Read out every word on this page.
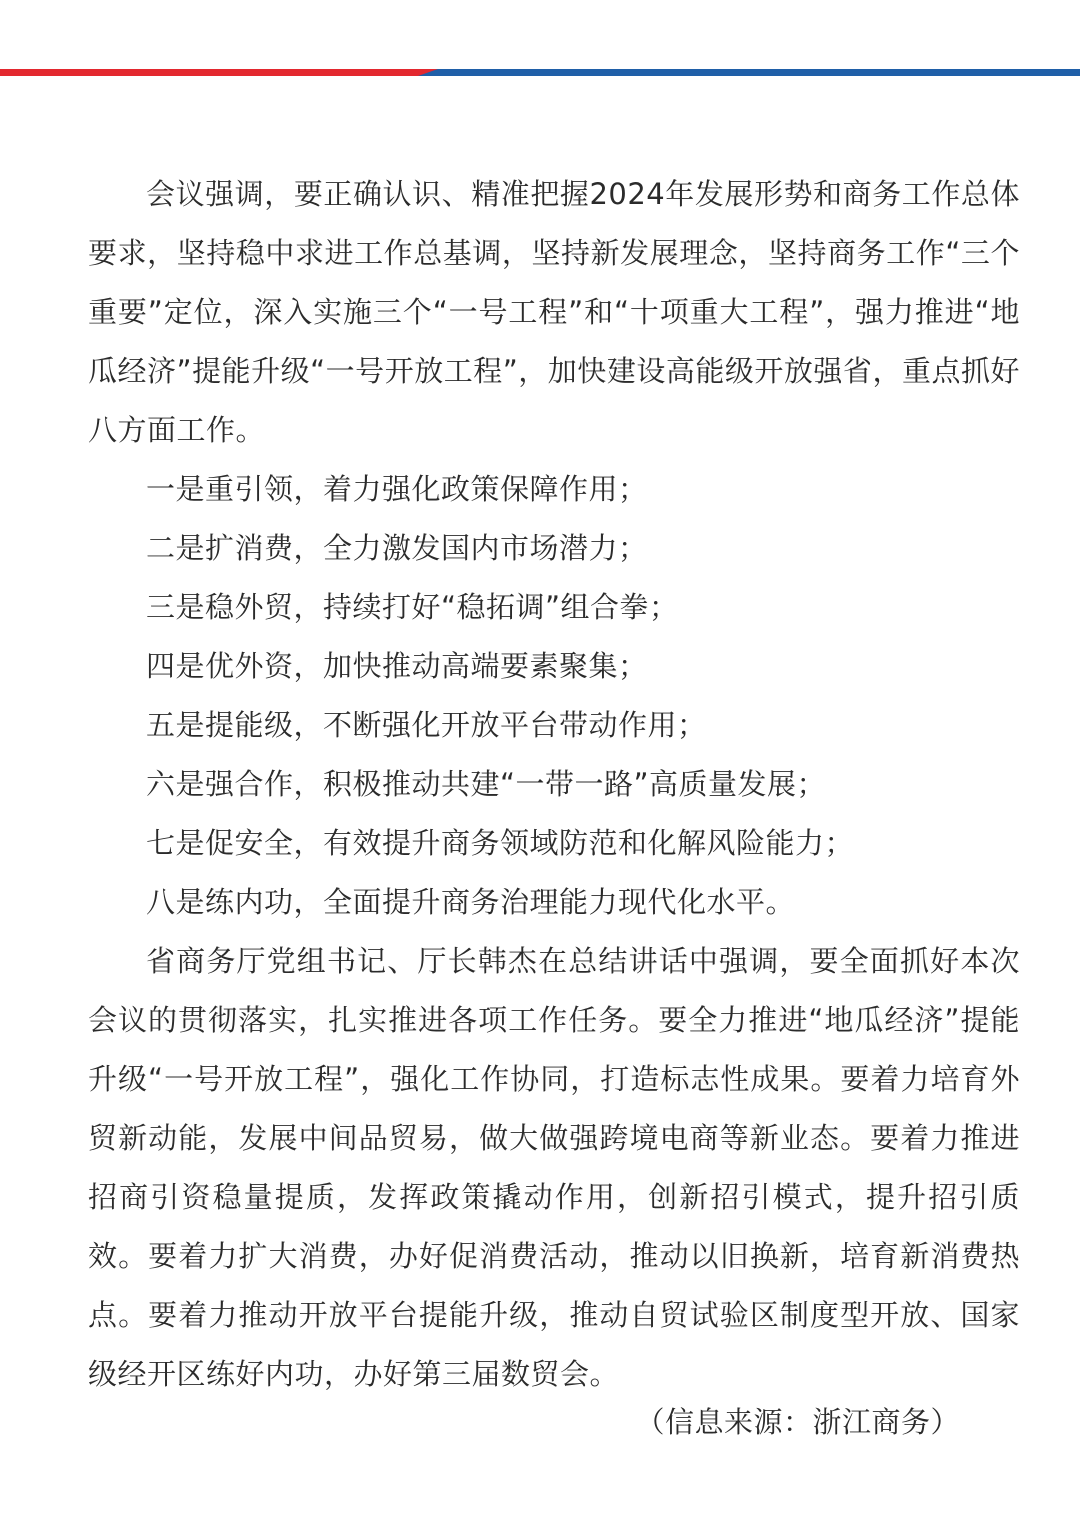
会议强调，要正确认识、精准把握2024年发展形势和商务工作总体要求，坚持稳中求进工作总基调，坚持新发展理念，坚持商务工作“三个重要”定位，深入实施三个“一号工程”和“十项重大工程”，强力推进“地瓜经济”提能升级“一号开放工程”，加快建设高能级开放强省，重点抓好八方面工作。

一是重引领，着力强化政策保障作用；

二是扩消费，全力激发国内市场潜力；

三是稳外贸，持续打好“稳拓调”组合拳；

四是优外资，加快推动高端要素聚集；

五是提能级，不断强化开放平台带动作用；

六是强合作，积极推动共建“一带一路”高质量发展；

七是促安全，有效提升商务领域防范和化解风险能力；

八是练内功，全面提升商务治理能力现代化水平。

省商务厅党组书记、厅长韩杰在总结讲话中强调，要全面抓好本次会议的贯彻落实，扎实推进各项工作任务。要全力推进“地瓜经济”提能升级“一号开放工程”，强化工作协同，打造标志性成果。要着力培育外贸新动能，发展中间品贸易，做大做强跨境电商等新业态。要着力推进招商引资稳量提质，发挥政策撬动作用，创新招引模式，提升招引质效。要着力扩大消费，办好促消费活动，推动以旧换新，培育新消费热点。要着力推动开放平台提能升级，推动自贸试验区制度型开放、国家级经开区练好内功，办好第三届数贸会。

（信息来源：浙江商务）
